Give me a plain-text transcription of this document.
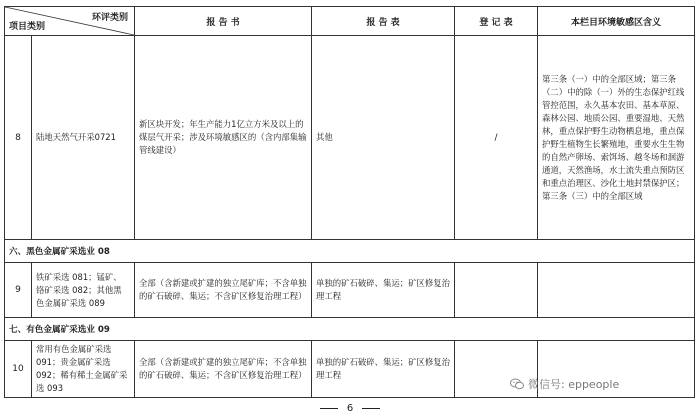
环评类别
项目类别		报 告 书	报 告 表	登 记 表	本栏目环境敏感区含义
8	陆地天然气开采0721	新区块开发；年生产能力1亿立方米及以上的煤层气开采；涉及环境敏感区的（含内部集输管线建设）	其他	/	第三条（一）中的全部区域；第三条（二）中的除（一）外的生态保护红线管控范围，永久基本农田、基本草原、森林公园、地质公园、重要湿地、天然林，重点保护野生动物栖息地，重点保护野生植物生长繁殖地，重要水生生物的自然产卵场、索饵场、越冬场和洄游通道，天然渔场，水土流失重点预防区和重点治理区、沙化土地封禁保护区；第三条（三）中的全部区域
六、黑色金属矿采选业 08					
9	铁矿采选 081；锰矿、铬矿采选 082；其他黑色金属矿采选 089	全部（含新建或扩建的独立尾矿库；不含单独的矿石破碎、集运；不含矿区修复治理工程）	单独的矿石破碎、集运；矿区修复治理工程		
七、有色金属矿采选业 09					
10	常用有色金属矿采选 091；贵金属矿采选 092；稀有稀土金属矿采选 093	全部（含新建或扩建的独立尾矿库；不含单独的矿石破碎、集运；不含矿区修复治理工程）	单独的矿石破碎、集运；矿区修复治理工程		
微信号: eppeople
6
